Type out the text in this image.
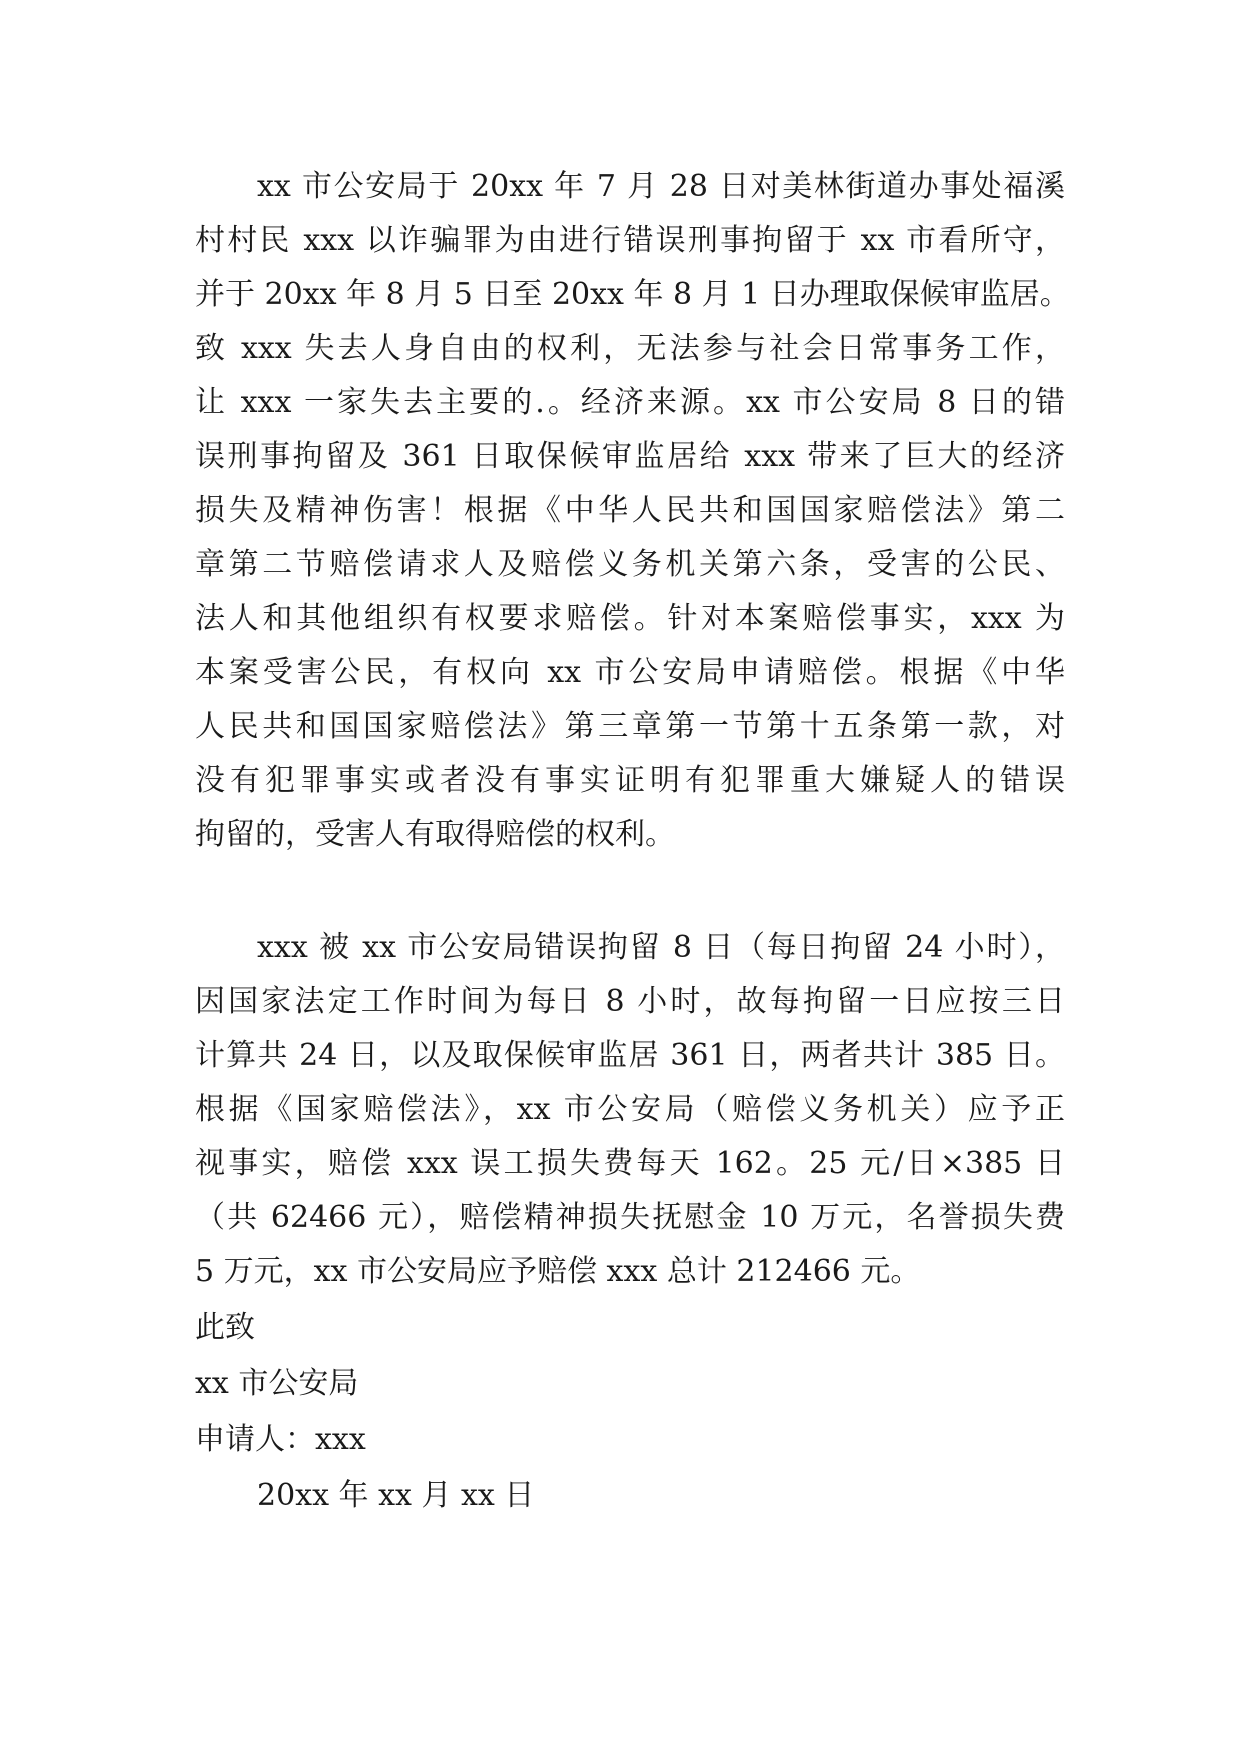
xx 市公安局于 20xx 年 7 月 28 日对美林街道办事处福溪
村村民 xxx 以诈骗罪为由进行错误刑事拘留于 xx 市看所守，
并于 20xx 年 8 月 5 日至 20xx 年 8 月 1 日办理取保候审监居。
致 xxx 失去人身自由的权利，无法参与社会日常事务工作，
让 xxx 一家失去主要的.。经济来源。xx 市公安局 8 日的错
误刑事拘留及 361 日取保候审监居给 xxx 带来了巨大的经济
损失及精神伤害！根据《中华人民共和国国家赔偿法》第二
章第二节赔偿请求人及赔偿义务机关第六条，受害的公民、
法人和其他组织有权要求赔偿。针对本案赔偿事实，xxx 为
本案受害公民，有权向 xx 市公安局申请赔偿。根据《中华
人民共和国国家赔偿法》第三章第一节第十五条第一款，对
没有犯罪事实或者没有事实证明有犯罪重大嫌疑人的错误
拘留的，受害人有取得赔偿的权利。
xxx 被 xx 市公安局错误拘留 8 日（每日拘留 24 小时），
因国家法定工作时间为每日 8 小时，故每拘留一日应按三日
计算共 24 日，以及取保候审监居 361 日，两者共计 385 日。
根据《国家赔偿法》，xx 市公安局（赔偿义务机关）应予正
视事实，赔偿 xxx 误工损失费每天 162。25 元/日×385 日
（共 62466 元），赔偿精神损失抚慰金 10 万元，名誉损失费
5 万元，xx 市公安局应予赔偿 xxx 总计 212466 元。
此致
xx 市公安局
申请人：xxx
20xx 年 xx 月 xx 日
